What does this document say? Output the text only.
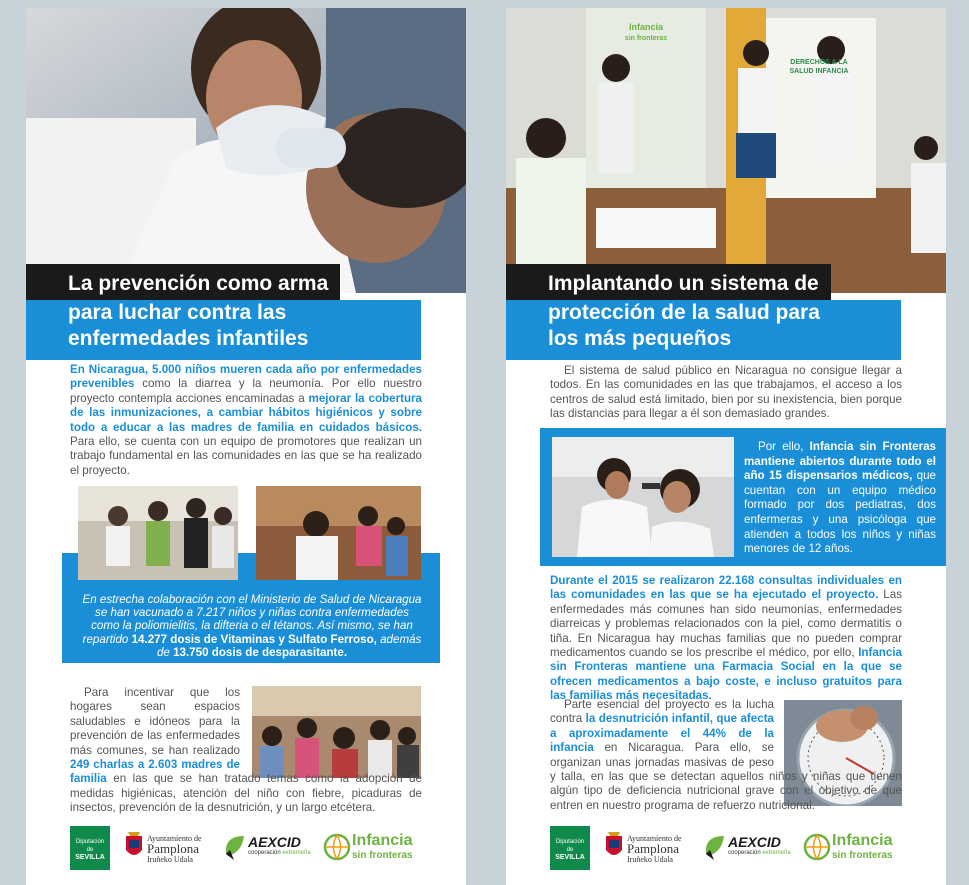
La prevención como arma
para luchar contra las
enfermedades infantiles
En Nicaragua, 5.000 niños mueren cada año por enfermedades prevenibles como la diarrea y la neumonía. Por ello nuestro proyecto contempla acciones encaminadas a mejorar la cobertura de las inmunizaciones, a cambiar hábitos higiénicos y sobre todo a educar a las madres de familia en cuidados básicos. Para ello, se cuenta con un equipo de promotores que realizan un trabajo fundamental en las comunidades en las que se ha realizado el proyecto.
En estrecha colaboración con el Ministerio de Salud de Nicaragua se han vacunado a 7.217 niños y niñas contra enfermedades como la poliomielitis, la difteria o el tétanos. Así mismo, se han repartido 14.277 dosis de Vitaminas y Sulfato Ferroso, además de 13.750 dosis de desparasitante.
Para incentivar que los hogares sean espacios saludables e idóneos para la prevención de las enfermedades más comunes, se han realizado 249 charlas a 2.603 madres de familia en las que se han tratado temas como la adopción de medidas higiénicas, atención del niño con fiebre, picaduras de insectos, prevención de la desnutrición, y un largo etcétera.
Diputación
de
SEVILLA
Ayuntamiento de
Pamplona
Iruñeko Udala
AEXCID
cooperación extremeña
Infancia
sin fronteras
Infancia
sin fronteras
DERECHOS A LA SALUD INFANCIA
Implantando un sistema de
protección de la salud para
los más pequeños
El sistema de salud público en Nicaragua no consigue llegar a todos. En las comunidades en las que trabajamos, el acceso a los centros de salud está limitado, bien por su inexistencia, bien porque las distancias para llegar a él son demasiado grandes.
Por ello, Infancia sin Fronteras mantiene abiertos durante todo el año 15 dispensarios médicos, que cuentan con un equipo médico formado por dos pediatras, dos enfermeras y una psicóloga que atienden a todos los niños y niñas menores de 12 años.
Durante el 2015 se realizaron 22.168 consultas individuales en las comunidades en las que se ha ejecutado el proyecto. Las enfermedades más comunes han sido neumonías, enfermedades diarreicas y problemas relacionados con la piel, como dermatitis o tiña. En Nicaragua hay muchas familias que no pueden comprar medicamentos cuando se los prescribe el médico, por ello, Infancia sin Fronteras mantiene una Farmacia Social en la que se ofrecen medicamentos a bajo coste, e incluso gratuitos para las familias más necesitadas.
Parte esencial del proyecto es la lucha contra la desnutrición infantil, que afecta a aproximadamente el 44% de la infancia en Nicaragua. Para ello, se organizan unas jornadas masivas de peso y talla, en las que se detectan aquellos niños y niñas que tienen algún tipo de deficiencia nutricional grave con el objetivo de que entren en nuestro programa de refuerzo nutricional.
Diputación
de
SEVILLA
Ayuntamiento de
Pamplona
Iruñeko Udala
AEXCID
cooperación extremeña
Infancia
sin fronteras
